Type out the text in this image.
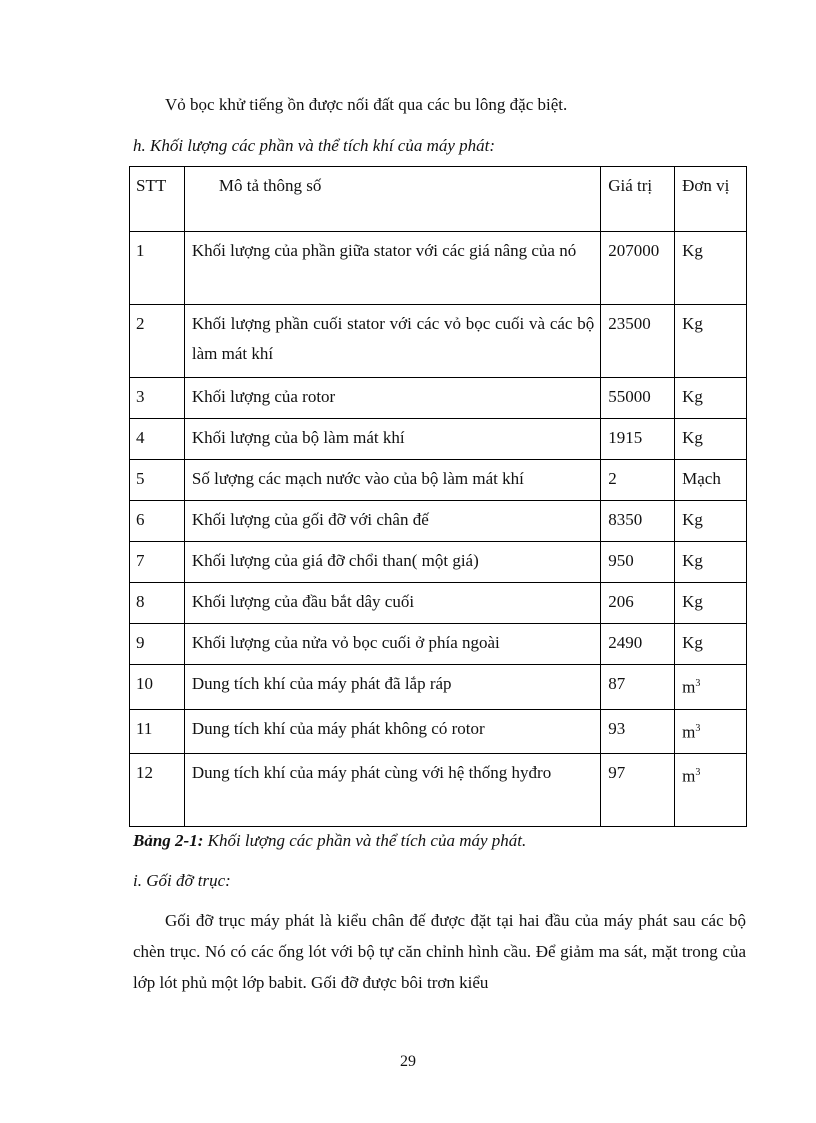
Vỏ bọc khử tiếng ồn được nối đất qua các bu lông đặc biệt.
h. Khối lượng các phần và thể tích khí của máy phát:
STT	Mô tả thông số	Giá trị	Đơn vị
1	Khối lượng của phần giữa stator với các giá nâng của nó	207000	Kg
2	Khối lượng phần cuối stator với các vỏ bọc cuối và các bộ làm mát khí	23500	Kg
3	Khối lượng của rotor	55000	Kg
4	Khối lượng của bộ làm mát khí	1915	Kg
5	Số lượng các mạch nước vào của bộ làm mát khí	2	Mạch
6	Khối lượng của gối đỡ với chân đế	8350	Kg
7	Khối lượng của giá đỡ chổi than( một giá)	950	Kg
8	Khối lượng của đầu bắt dây cuối	206	Kg
9	Khối lượng của nửa vỏ bọc cuối ở phía ngoài	2490	Kg
10	Dung tích khí của máy phát đã lắp ráp	87	$m^3$
11	Dung tích khí của máy phát không có rotor	93	$m^3$
12	Dung tích khí của máy phát cùng với hệ thống hyđro	97	$m^3$
Bảng 2-1: Khối lượng các phần và thể tích của máy phát.
i. Gối đỡ trục:
Gối đỡ trục máy phát là kiểu chân đế được đặt tại hai đầu của máy phát sau các bộ chèn trục. Nó có các ống lót với bộ tự căn chỉnh hình cầu. Để giảm ma sát, mặt trong của lớp lót phủ một lớp babit. Gối đỡ được bôi trơn kiểu
29
